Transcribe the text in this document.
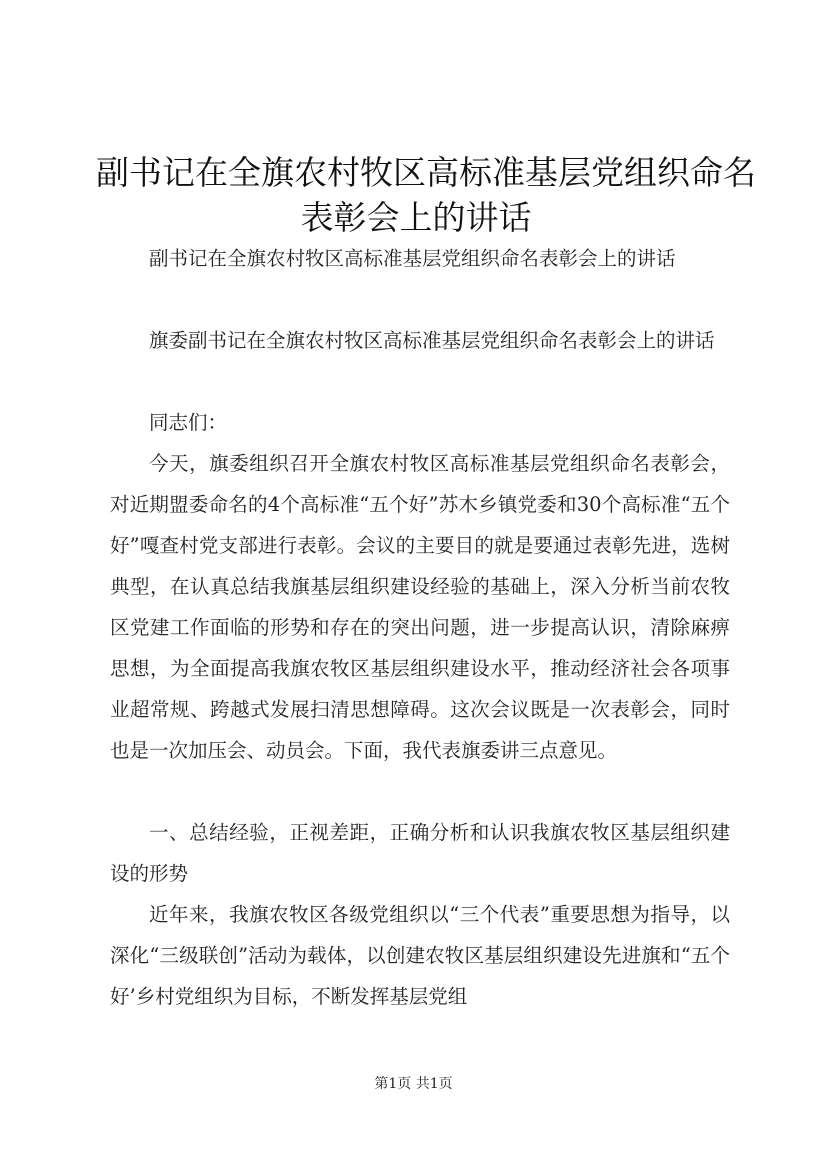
副书记在全旗农村牧区高标准基层党组织命名
表彰会上的讲话

副书记在全旗农村牧区高标准基层党组织命名表彰会上的讲话

旗委副书记在全旗农村牧区高标准基层党组织命名表彰会上的讲话

同志们：

今天，旗委组织召开全旗农村牧区高标准基层党组织命名表彰会，对近期盟委命名的4个高标准“五个好”苏木乡镇党委和30个高标准“五个好”嘎查村党支部进行表彰。会议的主要目的就是要通过表彰先进，选树典型，在认真总结我旗基层组织建设经验的基础上，深入分析当前农牧区党建工作面临的形势和存在的突出问题，进一步提高认识，清除麻痹思想，为全面提高我旗农牧区基层组织建设水平，推动经济社会各项事业超常规、跨越式发展扫清思想障碍。这次会议既是一次表彰会，同时也是一次加压会、动员会。下面，我代表旗委讲三点意见。

一、总结经验，正视差距，正确分析和认识我旗农牧区基层组织建设的形势

近年来，我旗农牧区各级党组织以“三个代表”重要思想为指导，以深化“三级联创”活动为载体，以创建农牧区基层组织建设先进旗和“五个好’乡村党组织为目标，不断发挥基层党组

第1页 共1页
